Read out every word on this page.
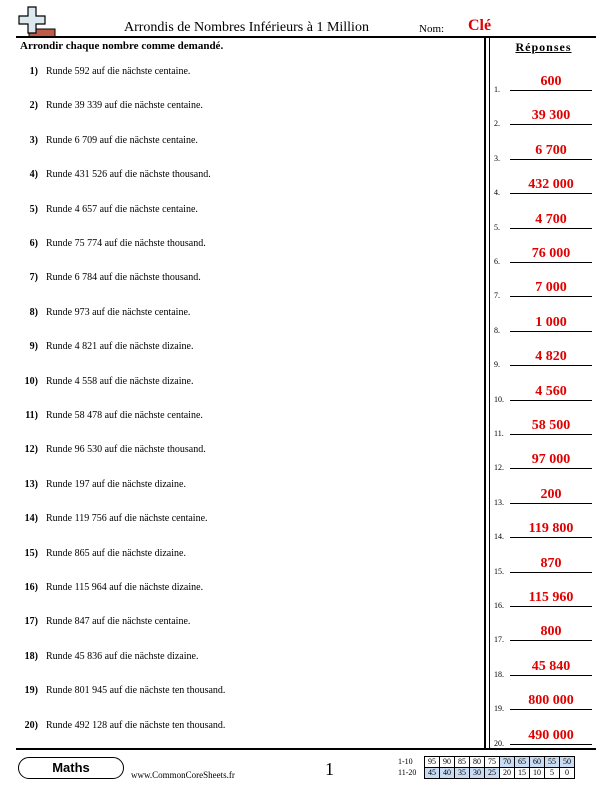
Arrondis de Nombres Inférieurs à 1 Million	Nom: Clé
Arrondir chaque nombre comme demandé.	Réponses
1) Runde 592 auf die nächste centaine.
2) Runde 39 339 auf die nächste centaine.
3) Runde 6 709 auf die nächste centaine.
4) Runde 431 526 auf die nächste thousand.
5) Runde 4 657 auf die nächste centaine.
6) Runde 75 774 auf die nächste thousand.
7) Runde 6 784 auf die nächste thousand.
8) Runde 973 auf die nächste centaine.
9) Runde 4 821 auf die nächste dizaine.
10) Runde 4 558 auf die nächste dizaine.
11) Runde 58 478 auf die nächste centaine.
12) Runde 96 530 auf die nächste thousand.
13) Runde 197 auf die nächste dizaine.
14) Runde 119 756 auf die nächste centaine.
15) Runde 865 auf die nächste dizaine.
16) Runde 115 964 auf die nächste dizaine.
17) Runde 847 auf die nächste centaine.
18) Runde 45 836 auf die nächste dizaine.
19) Runde 801 945 auf die nächste ten thousand.
20) Runde 492 128 auf die nächste ten thousand.
1.
600
2.
39 300
3.
6 700
4.
432 000
5.
4 700
6.
76 000
7.
7 000
8.
1 000
9.
4 820
10.
4 560
11.
58 500
12.
97 000
13.
200
14.
119 800
15.
870
16.
115 960
17.
800
18.
45 840
19.
800 000
20.
490 000
Maths	www.CommonCoreSheets.fr	1	1-10	95	90	85	80	75	70	65	60	55	50
11-20	45	40	35	30	25	20	15	10	5	0
